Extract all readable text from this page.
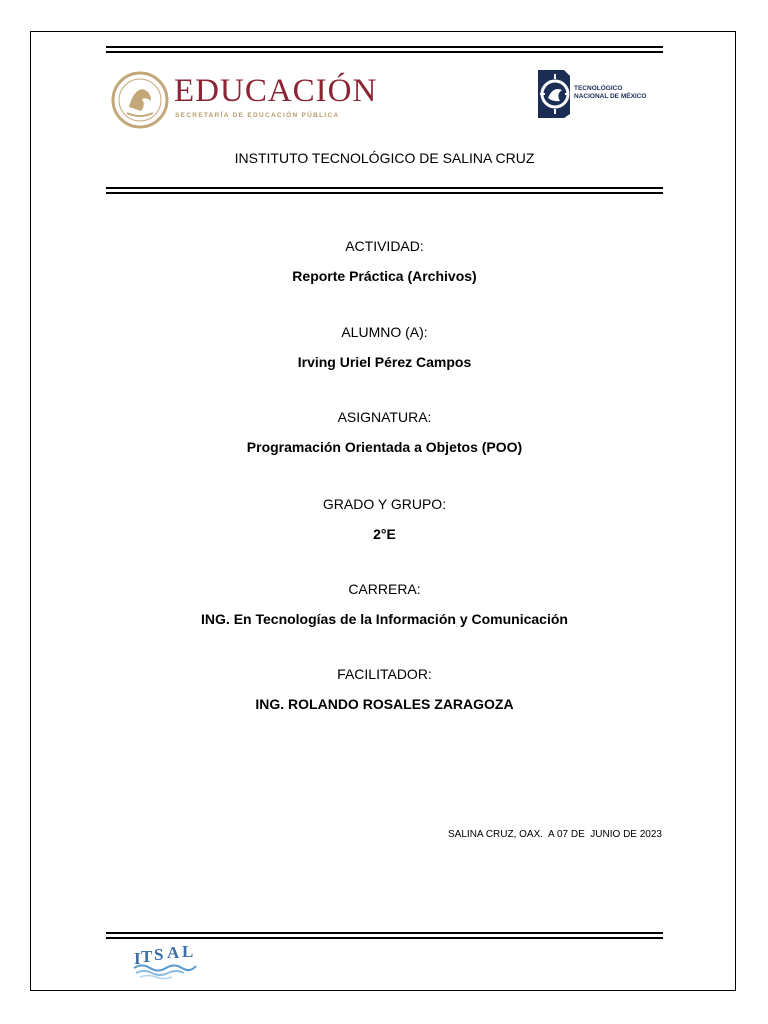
EDUCACIÓN
SECRETARÍA DE EDUCACIÓN PÚBLICA
TECNOLÓGICO
NACIONAL DE MÉXICO
INSTITUTO TECNOLÓGICO DE SALINA CRUZ
ACTIVIDAD:
Reporte Práctica (Archivos)
ALUMNO (A):
Irving Uriel Pérez Campos
ASIGNATURA:
Programación Orientada a Objetos (POO)
GRADO Y GRUPO:
2°E
CARRERA:
ING. En Tecnologías de la Información y Comunicación
FACILITADOR:
ING. ROLANDO ROSALES ZARAGOZA
SALINA CRUZ, OAX.  A 07 DE  JUNIO DE 2023
I T S A L
